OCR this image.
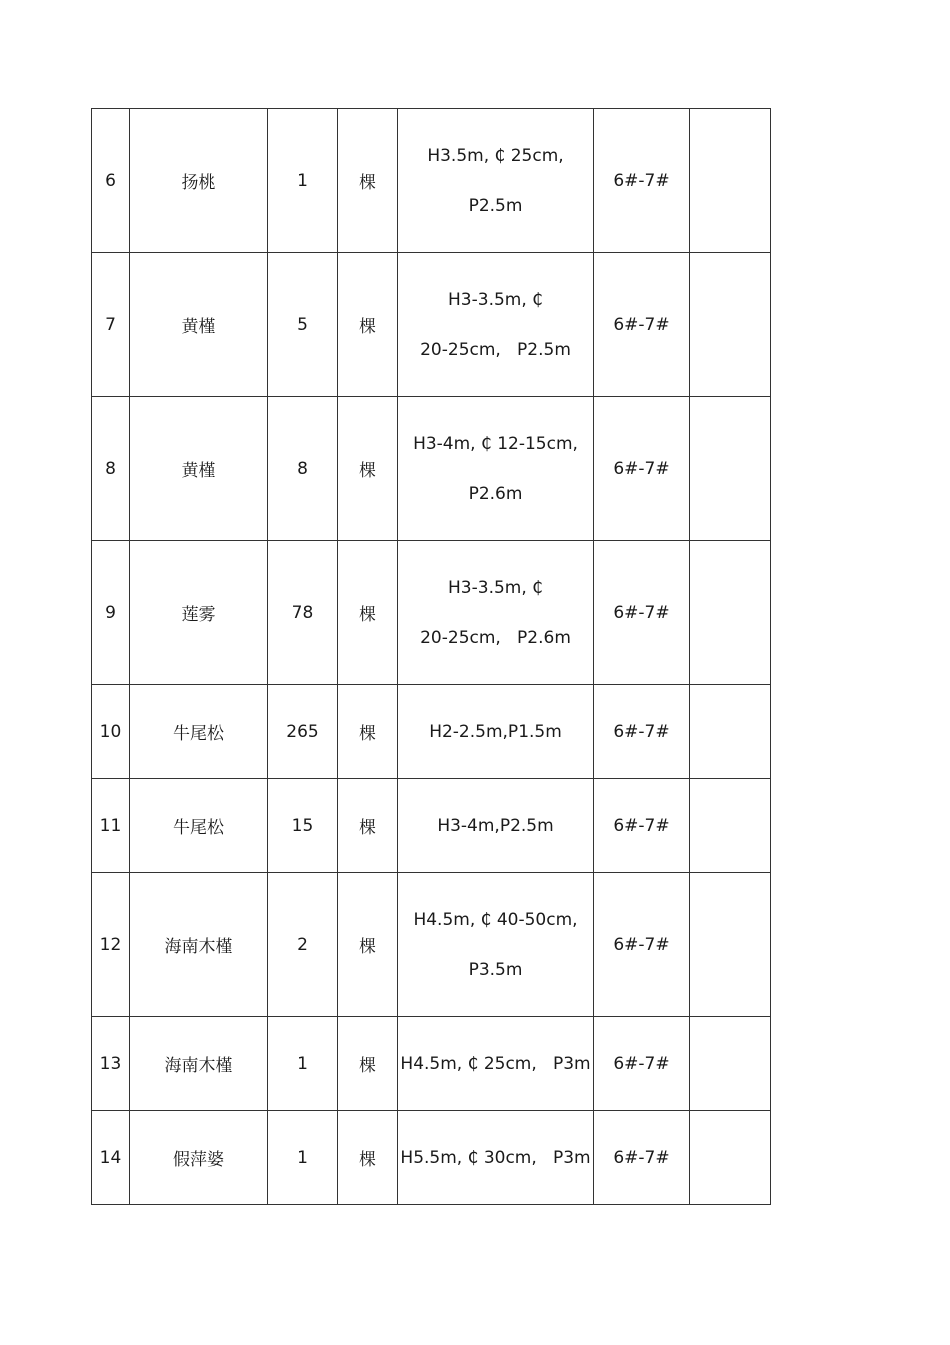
6	扬桃	1	棵	H3.5m, ₵ 25cm,
P2.5m	6#-7#	
7	黄槿	5	棵	H3-3.5m, ₵
20-25cm,   P2.5m	6#-7#	
8	黄槿	8	棵	H3-4m, ₵ 12-15cm,
P2.6m	6#-7#	
9	莲雾	78	棵	H3-3.5m, ₵
20-25cm,   P2.6m	6#-7#	
10	牛尾松	265	棵	H2-2.5m,P1.5m	6#-7#	
11	牛尾松	15	棵	H3-4m,P2.5m	6#-7#	
12	海南木槿	2	棵	H4.5m, ₵ 40-50cm,
P3.5m	6#-7#	
13	海南木槿	1	棵	H4.5m, ₵ 25cm,   P3m	6#-7#	
14	假萍婆	1	棵	H5.5m, ₵ 30cm,   P3m	6#-7#	
